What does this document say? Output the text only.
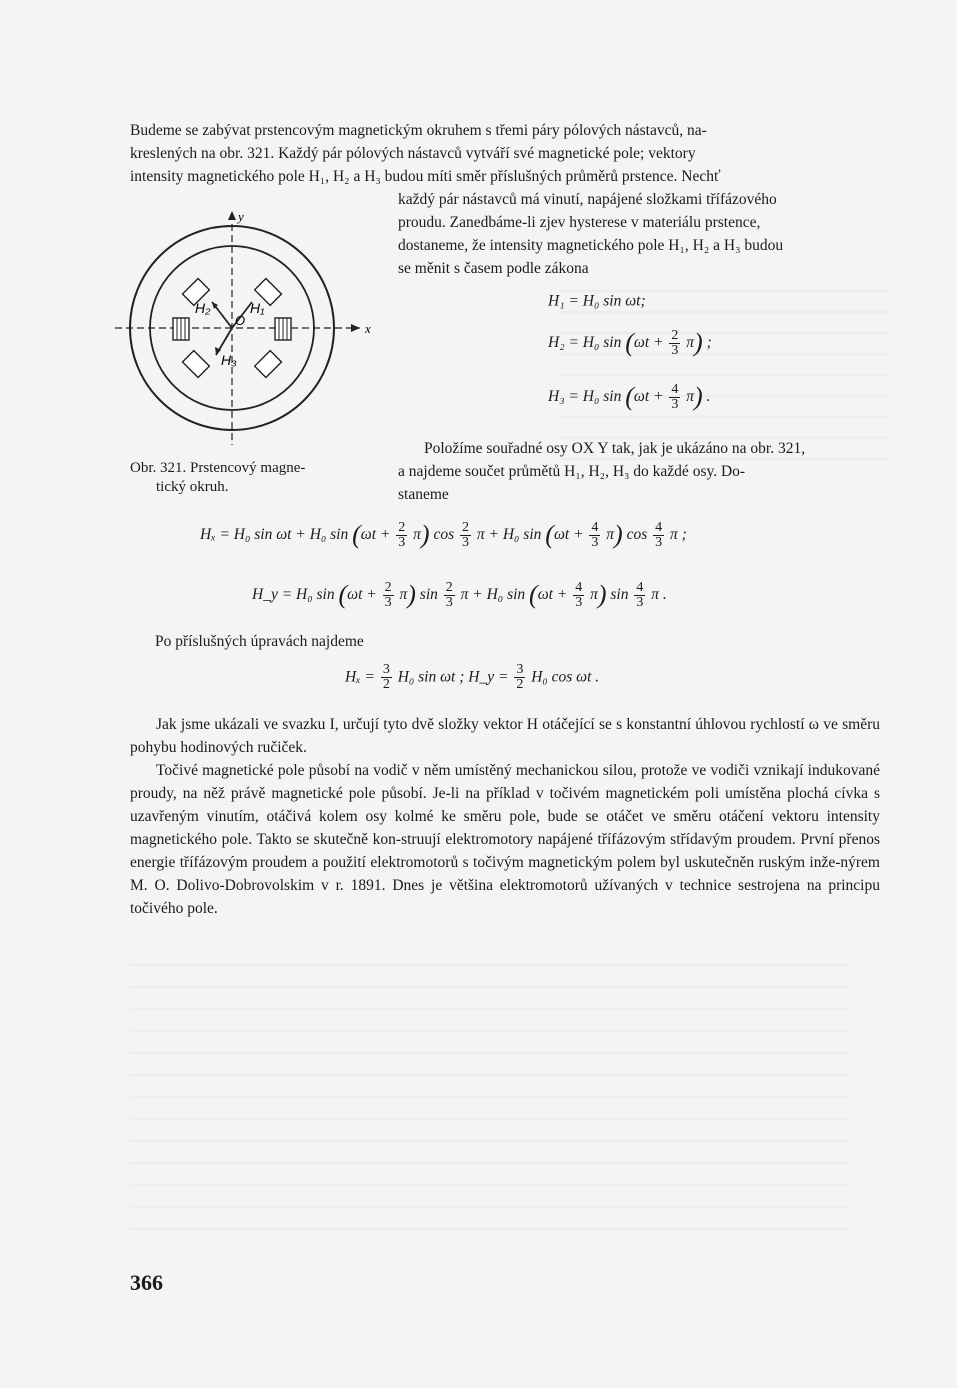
Budeme se zabývat prstencovým magnetickým okruhem s třemi páry pólových nástavců, na-

kreslených na obr. 321. Každý pár pólových nástavců vytváří své magnetické pole; vektory

intensity magnetického pole H₁, H₂ a H₃ budou míti směr příslušných průměrů prstence. Nechť

každý pár nástavců má vinutí, napájené složkami třífázového

proudu. Zanedbáme-li zjev hysterese v materiálu prstence,

dostaneme, že intensity magnetického pole H₁, H₂ a H₃ budou

se měnit s časem podle zákona

H₁ = H₀ sin ωt;
H₂ = H₀ $\sin (\omega t + \frac{2}{3} \pi)$ ;
H₃ = H₀ $\sin (\omega t + \frac{4}{3} \pi)$ .

Položíme souřadné osy OX Y tak, jak je ukázáno na obr. 321,

a najdeme součet průmětů H₁, H₂, H₃ do každé osy. Do-

staneme

y
x
H₂	H₁
H₃
O
Obr. 321. Prstencový magne-
tický okruh.
Hₓ = H₀ sin ωt + H₀ $\sin (\omega t + \frac{2}{3} \pi)$ $\cos \frac{2}{3}$ π + H₀ $\sin (\omega t + \frac{4}{3} \pi)$ $\cos \frac{4}{3}$ π ;
H_y = H₀ $\sin (\omega t + \frac{2}{3} \pi)$ $\sin \frac{2}{3}$ π + H₀ $\sin (\omega t + \frac{4}{3} \pi)$ $\sin \frac{4}{3}$ π .
Po příslušných úpravách najdeme
$H_x = \frac{3}{2} H_0$ sin ωt ; H_y = $\frac{3}{2} H_0$ cos ωt .

Jak jsme ukázali ve svazku I, určují tyto dvě složky vektor H otáčející se s konstantní úhlovou rychlostí ω ve směru pohybu hodinových ručiček.

Točivé magnetické pole působí na vodič v něm umístěný mechanickou silou, protože ve vodiči vznikají indukované proudy, na něž právě magnetické pole působí. Je-li na příklad v točivém magnetickém poli umístěna plochá cívka s uzavřeným vinutím, otáčivá kolem osy kolmé ke směru pole, bude se otáčet ve směru otáčení vektoru intensity magnetického pole. Takto se skutečně kon-struují elektromotory napájené třífázovým střídavým proudem. První přenos energie třífázovým proudem a použití elektromotorů s točivým magnetickým polem byl uskutečněn ruským inže-nýrem M. O. Dolivo-Dobrovolskim v r. 1891. Dnes je většina elektromotorů užívaných v technice sestrojena na principu točivého pole.

366
